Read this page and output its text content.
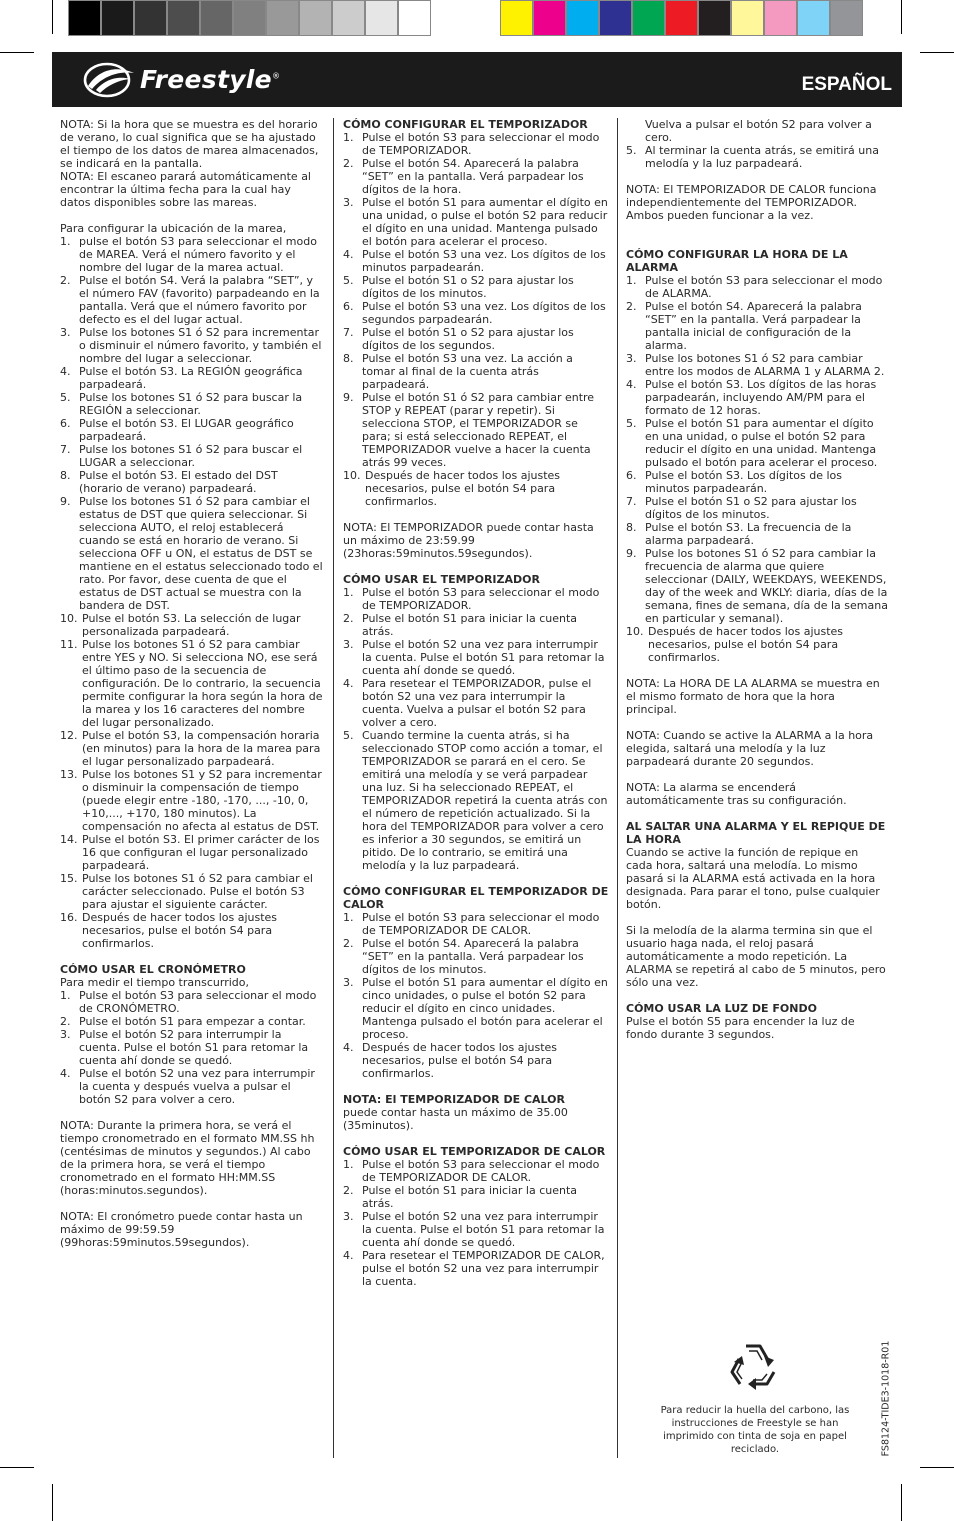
Freestyle®	ESPAÑOL

NOTA: Si la hora que se muestra es del horario de verano, lo cual significa que se ha ajustado el tiempo de los datos de marea almacenados, se indicará en la pantalla.

NOTA: El escaneo parará automáticamente al encontrar la última fecha para la cual hay datos disponibles sobre las mareas.

Para configurar la ubicación de la marea,

1. pulse el botón S3 para seleccionar el modo de MAREA. Verá el número favorito y el nombre del lugar de la marea actual.
2. Pulse el botón S4. Verá la palabra “SET”, y el número FAV (favorito) parpadeando en la pantalla. Verá que el número favorito por defecto es el del lugar actual.
3. Pulse los botones S1 ó S2 para incrementar o disminuir el número favorito, y también el nombre del lugar a seleccionar.
4. Pulse el botón S3. La REGIÓN geográfica parpadeará.
5. Pulse los botones S1 ó S2 para buscar la REGIÓN a seleccionar.
6. Pulse el botón S3. El LUGAR geográfico parpadeará.
7. Pulse los botones S1 ó S2 para buscar el LUGAR a seleccionar.
8. Pulse el botón S3. El estado del DST (horario de verano) parpadeará.
9. Pulse los botones S1 ó S2 para cambiar el estatus de DST que quiera seleccionar. Si selecciona AUTO, el reloj establecerá cuando se está en horario de verano. Si selecciona OFF u ON, el estatus de DST se mantiene en el estatus seleccionado todo el rato. Por favor, dese cuenta de que el estatus de DST actual se muestra con la bandera de DST.
10. Pulse el botón S3. La selección de lugar personalizada parpadeará.
11. Pulse los botones S1 ó S2 para cambiar entre YES y NO. Si selecciona NO, ese será el último paso de la secuencia de configuración. De lo contrario, la secuencia permite configurar la hora según la hora de la marea y los 16 caracteres del nombre del lugar personalizado.
12. Pulse el botón S3, la compensación horaria (en minutos) para la hora de la marea para el lugar personalizado parpadeará.
13. Pulse los botones S1 y S2 para incrementar o disminuir la compensación de tiempo (puede elegir entre -180, -170, ..., -10, 0, +10,..., +170, 180 minutos). La compensación no afecta al estatus de DST.
14. Pulse el botón S3. El primer carácter de los 16 que configuran el lugar personalizado parpadeará.
15. Pulse los botones S1 ó S2 para cambiar el carácter seleccionado. Pulse el botón S3 para ajustar el siguiente carácter.
16. Después de hacer todos los ajustes necesarios, pulse el botón S4 para confirmarlos.
CÓMO USAR EL CRONÓMETRO

Para medir el tiempo transcurrido,

1. Pulse el botón S3 para seleccionar el modo de CRONÓMETRO.
2. Pulse el botón S1 para empezar a contar.
3. Pulse el botón S2 para interrumpir la cuenta. Pulse el botón S1 para retomar la cuenta ahí donde se quedó.
4. Pulse el botón S2 una vez para interrumpir la cuenta y después vuelva a pulsar el botón S2 para volver a cero.

NOTA: Durante la primera hora, se verá el tiempo cronometrado en el formato MM.SS hh (centésimas de minutos y segundos.) Al cabo de la primera hora, se verá el tiempo cronometrado en el formato HH:MM.SS (horas:minutos.segundos).

NOTA: El cronómetro puede contar hasta un máximo de 99:59.59 (99horas:59minutos.59segundos).

CÓMO CONFIGURAR EL TEMPORIZADOR
1. Pulse el botón S3 para seleccionar el modo de TEMPORIZADOR.
2. Pulse el botón S4. Aparecerá la palabra “SET” en la pantalla. Verá parpadear los dígitos de la hora.
3. Pulse el botón S1 para aumentar el dígito en una unidad, o pulse el botón S2 para reducir el dígito en una unidad. Mantenga pulsado el botón para acelerar el proceso.
4. Pulse el botón S3 una vez. Los dígitos de los minutos parpadearán.
5. Pulse el botón S1 o S2 para ajustar los dígitos de los minutos.
6. Pulse el botón S3 una vez. Los dígitos de los segundos parpadearán.
7. Pulse el botón S1 o S2 para ajustar los dígitos de los segundos.
8. Pulse el botón S3 una vez. La acción a tomar al final de la cuenta atrás parpadeará.
9. Pulse el botón S1 ó S2 para cambiar entre STOP y REPEAT (parar y repetir). Si selecciona STOP, el TEMPORIZADOR se para; si está seleccionado REPEAT, el TEMPORIZADOR vuelve a hacer la cuenta atrás 99 veces.
10. Después de hacer todos los ajustes necesarios, pulse el botón S4 para confirmarlos.

NOTA: El TEMPORIZADOR puede contar hasta un máximo de 23:59.99 (23horas:59minutos.59segundos).

CÓMO USAR EL TEMPORIZADOR
1. Pulse el botón S3 para seleccionar el modo de TEMPORIZADOR.
2. Pulse el botón S1 para iniciar la cuenta atrás.
3. Pulse el botón S2 una vez para interrumpir la cuenta. Pulse el botón S1 para retomar la cuenta ahí donde se quedó.
4. Para resetear el TEMPORIZADOR, pulse el botón S2 una vez para interrumpir la cuenta. Vuelva a pulsar el botón S2 para volver a cero.
5. Cuando termine la cuenta atrás, si ha seleccionado STOP como acción a tomar, el TEMPORIZADOR se parará en el cero. Se emitirá una melodía y se verá parpadear una luz. Si ha seleccionado REPEAT, el TEMPORIZADOR repetirá la cuenta atrás con el número de repetición actualizado. Si la hora del TEMPORIZADOR para volver a cero es inferior a 30 segundos, se emitirá un pitido. De lo contrario, se emitirá una melodía y la luz parpadeará.
CÓMO CONFIGURAR EL TEMPORIZADOR DE CALOR
1. Pulse el botón S3 para seleccionar el modo de TEMPORIZADOR DE CALOR.
2. Pulse el botón S4. Aparecerá la palabra “SET” en la pantalla. Verá parpadear los dígitos de los minutos.
3. Pulse el botón S1 para aumentar el dígito en cinco unidades, o pulse el botón S2 para reducir el dígito en cinco unidades. Mantenga pulsado el botón para acelerar el proceso.
4. Después de hacer todos los ajustes necesarios, pulse el botón S4 para confirmarlos.
NOTA: El TEMPORIZADOR DE CALOR

puede contar hasta un máximo de 35.00 (35minutos).

CÓMO USAR EL TEMPORIZADOR DE CALOR
1. Pulse el botón S3 para seleccionar el modo de TEMPORIZADOR DE CALOR.
2. Pulse el botón S1 para iniciar la cuenta atrás.
3. Pulse el botón S2 una vez para interrumpir la cuenta. Pulse el botón S1 para retomar la cuenta ahí donde se quedó.
4. Para resetear el TEMPORIZADOR DE CALOR, pulse el botón S2 una vez para interrumpir la cuenta.
Vuelva a pulsar el botón S2 para volver a cero.
5. Al terminar la cuenta atrás, se emitirá una melodía y la luz parpadeará.

NOTA: El TEMPORIZADOR DE CALOR funciona independientemente del TEMPORIZADOR. Ambos pueden funcionar a la vez.

CÓMO CONFIGURAR LA HORA DE LA ALARMA
1. Pulse el botón S3 para seleccionar el modo de ALARMA.
2. Pulse el botón S4. Aparecerá la palabra “SET” en la pantalla. Verá parpadear la pantalla inicial de configuración de la alarma.
3. Pulse los botones S1 ó S2 para cambiar entre los modos de ALARMA 1 y ALARMA 2.
4. Pulse el botón S3. Los dígitos de las horas parpadearán, incluyendo AM/PM para el formato de 12 horas.
5. Pulse el botón S1 para aumentar el dígito en una unidad, o pulse el botón S2 para reducir el dígito en una unidad. Mantenga pulsado el botón para acelerar el proceso.
6. Pulse el botón S3. Los dígitos de los minutos parpadearán.
7. Pulse el botón S1 o S2 para ajustar los dígitos de los minutos.
8. Pulse el botón S3. La frecuencia de la alarma parpadeará.
9. Pulse los botones S1 ó S2 para cambiar la frecuencia de alarma que quiere seleccionar (DAILY, WEEKDAYS, WEEKENDS, day of the week and WKLY: diaria, días de la semana, fines de semana, día de la semana en particular y semanal).
10. Después de hacer todos los ajustes necesarios, pulse el botón S4 para confirmarlos.

NOTA: La HORA DE LA ALARMA se muestra en el mismo formato de hora que la hora principal.

NOTA: Cuando se active la ALARMA a la hora elegida, saltará una melodía y la luz parpadeará durante 20 segundos.

NOTA: La alarma se encenderá automáticamente tras su configuración.

AL SALTAR UNA ALARMA Y EL REPIQUE DE LA HORA

Cuando se active la función de repique en cada hora, saltará una melodía. Lo mismo pasará si la ALARMA está activada en la hora designada. Para parar el tono, pulse cualquier botón.

Si la melodía de la alarma termina sin que el usuario haga nada, el reloj pasará automáticamente a modo repetición. La ALARMA se repetirá al cabo de 5 minutos, pero sólo una vez.

CÓMO USAR LA LUZ DE FONDO

Pulse el botón S5 para encender la luz de fondo durante 3 segundos.

Para reducir la huella del carbono, las instrucciones de Freestyle se han imprimido con tinta de soja en papel reciclado.	FS8124-TIDE3-1018-R01
